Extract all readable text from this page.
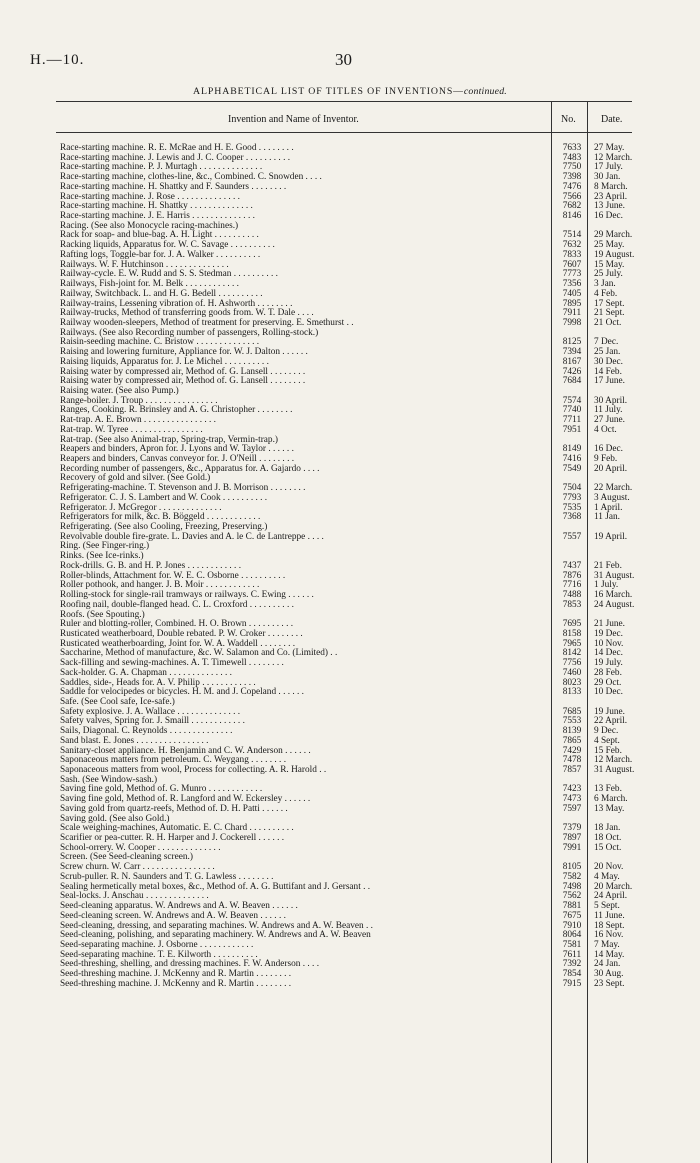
H.—10.	30
ALPHABETICAL LIST OF TITLES OF INVENTIONS—continued.
Invention and Name of Inventor.	No.	Date.
Race-starting machine. R. E. McRae and H. E. Good . . . . . . . .	7633	27 May.
Race-starting machine. J. Lewis and J. C. Cooper . . . . . . . . . .	7483	12 March.
Race-starting machine. P. J. Murtagh . . . . . . . . . . . . . .	7750	17 July.
Race-starting machine, clothes-line, &c., Combined. C. Snowden . . . .	7398	30 Jan.
Race-starting machine. H. Shattky and F. Saunders . . . . . . . .	7476	8 March.
Race-starting machine. J. Rose . . . . . . . . . . . . . .	7566	23 April.
Race-starting machine. H. Shattky . . . . . . . . . . . . . .	7682	13 June.
Race-starting machine. J. E. Harris . . . . . . . . . . . . . .	8146	16 Dec.
Racing. (See also Monocycle racing-machines.)
Rack for soap- and blue-bag. A. H. Light . . . . . . . . . .	7514	29 March.
Racking liquids, Apparatus for. W. C. Savage . . . . . . . . . .	7632	25 May.
Rafting logs, Toggle-bar for. J. A. Walker . . . . . . . . . .	7833	19 August.
Railways. W. F. Hutchinson . . . . . . . . . . . . . .	7607	15 May.
Railway-cycle. E. W. Rudd and S. S. Stedman . . . . . . . . . .	7773	25 July.
Railways, Fish-joint for. M. Belk . . . . . . . . . . . .	7356	3 Jan.
Railway, Switchback. L. and H. G. Bedell . . . . . . . . . .	7405	4 Feb.
Railway-trains, Lessening vibration of. H. Ashworth . . . . . . . .	7895	17 Sept.
Railway-trucks, Method of transferring goods from. W. T. Dale . . . .	7911	21 Sept.
Railway wooden-sleepers, Method of treatment for preserving. E. Smethurst . .	7998	21 Oct.
Railways. (See also Recording number of passengers, Rolling-stock.)
Raisin-seeding machine. C. Bristow . . . . . . . . . . . . . .	8125	7 Dec.
Raising and lowering furniture, Appliance for. W. J. Dalton . . . . . .	7394	25 Jan.
Raising liquids, Apparatus for. J. Le Michel . . . . . . . . . .	8167	30 Dec.
Raising water by compressed air, Method of. G. Lansell . . . . . . . .	7426	14 Feb.
Raising water by compressed air, Method of. G. Lansell . . . . . . . .	7684	17 June.
Raising water. (See also Pump.)
Range-boiler. J. Troup . . . . . . . . . . . . . . . .	7574	30 April.
Ranges, Cooking. R. Brinsley and A. G. Christopher . . . . . . . .	7740	11 July.
Rat-trap. A. E. Brown . . . . . . . . . . . . . . . .	7711	27 June.
Rat-trap. W. Tyree . . . . . . . . . . . . . . . .	7951	4 Oct.
Rat-trap. (See also Animal-trap, Spring-trap, Vermin-trap.)
Reapers and binders, Apron for. J. Lyons and W. Taylor . . . . . .	8149	16 Dec.
Reapers and binders, Canvas conveyor for. J. O'Neill . . . . . . . .	7416	9 Feb.
Recording number of passengers, &c., Apparatus for. A. Gajardo . . . .	7549	20 April.
Recovery of gold and silver. (See Gold.)
Refrigerating-machine. T. Stevenson and J. B. Morrison . . . . . . . .	7504	22 March.
Refrigerator. C. J. S. Lambert and W. Cook . . . . . . . . . .	7793	3 August.
Refrigerator. J. McGregor . . . . . . . . . . . . . .	7535	1 April.
Refrigerators for milk, &c. B. Böggeld . . . . . . . . . . . .	7368	11 Jan.
Refrigerating. (See also Cooling, Freezing, Preserving.)
Revolvable double fire-grate. L. Davies and A. le C. de Lantreppe . . . .	7557	19 April.
Ring. (See Finger-ring.)
Rinks. (See Ice-rinks.)
Rock-drills. G. B. and H. P. Jones . . . . . . . . . . . .	7437	21 Feb.
Roller-blinds, Attachment for. W. E. C. Osborne . . . . . . . . . .	7876	31 August.
Roller pothook, and hanger. J. B. Moir . . . . . . . . . . . .	7716	1 July.
Rolling-stock for single-rail tramways or railways. C. Ewing . . . . . .	7488	16 March.
Roofing nail, double-flanged head. C. L. Croxford . . . . . . . . . .	7853	24 August.
Roofs. (See Spouting.)
Ruler and blotting-roller, Combined. H. O. Brown . . . . . . . . . .	7695	21 June.
Rusticated weatherboard, Double rebated. P. W. Croker . . . . . . . .	8158	19 Dec.
Rusticated weatherboarding, Joint for. W. A. Waddell . . . . . . . .	7965	10 Nov.
Saccharine, Method of manufacture, &c. W. Salamon and Co. (Limited) . .	8142	14 Dec.
Sack-filling and sewing-machines. A. T. Timewell . . . . . . . .	7756	19 July.
Sack-holder. G. A. Chapman . . . . . . . . . . . . . .	7460	28 Feb.
Saddles, side-, Heads for. A. V. Philip . . . . . . . . . . . .	8023	29 Oct.
Saddle for velocipedes or bicycles. H. M. and J. Copeland . . . . . .	8133	10 Dec.
Safe. (See Cool safe, Ice-safe.)
Safety explosive. J. A. Wallace . . . . . . . . . . . . . .	7685	19 June.
Safety valves, Spring for. J. Smaill . . . . . . . . . . . .	7553	22 April.
Sails, Diagonal. C. Reynolds . . . . . . . . . . . . . .	8139	9 Dec.
Sand blast. E. Jones . . . . . . . . . . . . . . . .	7865	4 Sept.
Sanitary-closet appliance. H. Benjamin and C. W. Anderson . . . . . .	7429	15 Feb.
Saponaceous matters from petroleum. C. Weygang . . . . . . . .	7478	12 March.
Saponaceous matters from wool, Process for collecting. A. R. Harold . .	7857	31 August.
Sash. (See Window-sash.)
Saving fine gold, Method of. G. Munro . . . . . . . . . . . .	7423	13 Feb.
Saving fine gold, Method of. R. Langford and W. Eckersley . . . . . .	7473	6 March.
Saving gold from quartz-reefs, Method of. D. H. Patti . . . . . .	7597	13 May.
Saving gold. (See also Gold.)
Scale weighing-machines, Automatic. E. C. Chard . . . . . . . . . .	7379	18 Jan.
Scarifier or pea-cutter. R. H. Harper and J. Cockerell . . . . . .	7897	18 Oct.
School-orrery. W. Cooper . . . . . . . . . . . . . .	7991	15 Oct.
Screen. (See Seed-cleaning screen.)
Screw churn. W. Carr . . . . . . . . . . . . . . . .	8105	20 Nov.
Scrub-puller. R. N. Saunders and T. G. Lawless . . . . . . . .	7582	4 May.
Sealing hermetically metal boxes, &c., Method of. A. G. Buttifant and J. Gersant . .	7498	20 March.
Seal-locks. J. Anschau . . . . . . . . . . . . . .	7562	24 April.
Seed-cleaning apparatus. W. Andrews and A. W. Beaven . . . . . .	7881	5 Sept.
Seed-cleaning screen. W. Andrews and A. W. Beaven . . . . . .	7675	11 June.
Seed-cleaning, dressing, and separating machines. W. Andrews and A. W. Beaven . .	7910	18 Sept.
Seed-cleaning, polishing, and separating machinery. W. Andrews and A. W. Beaven	8064	16 Nov.
Seed-separating machine. J. Osborne . . . . . . . . . . . .	7581	7 May.
Seed-separating machine. T. E. Kilworth . . . . . . . . . .	7611	14 May.
Seed-threshing, shelling, and dressing machines. F. W. Anderson . . . .	7392	24 Jan.
Seed-threshing machine. J. McKenny and R. Martin . . . . . . . .	7854	30 Aug.
Seed-threshing machine. J. McKenny and R. Martin . . . . . . . .	7915	23 Sept.
